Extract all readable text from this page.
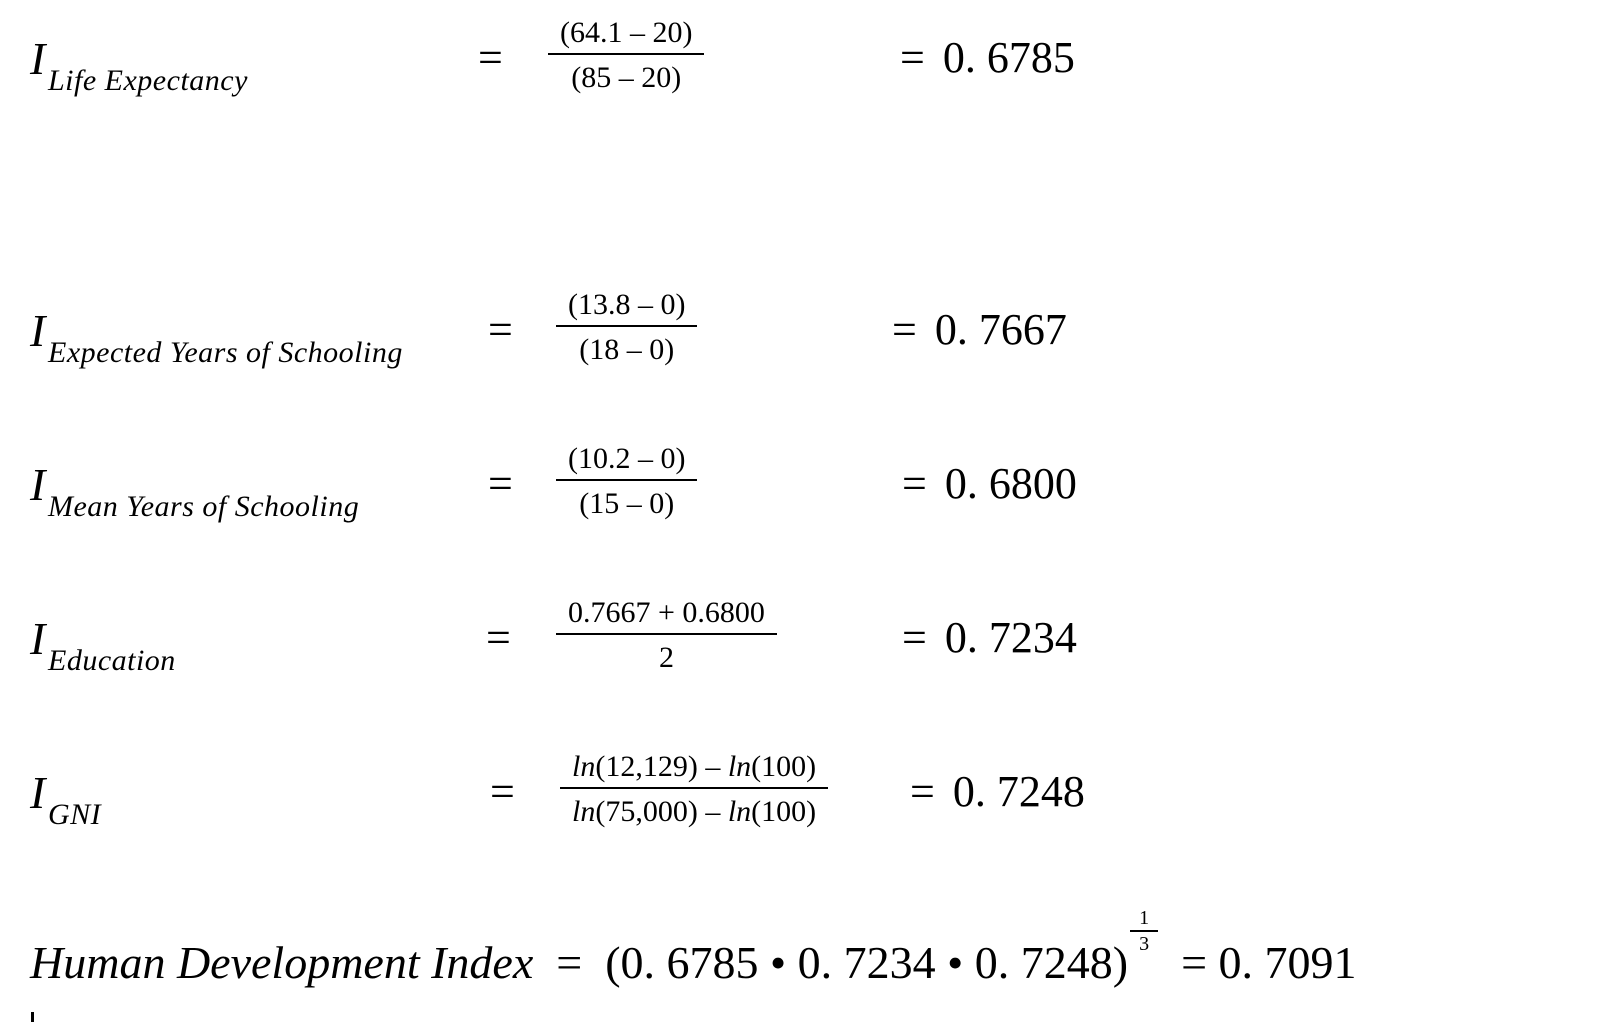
I Life Expectancy	=
(64.1 – 20)
(85 – 20)	= 0. 6785
I Expected Years of Schooling =
(13.8 – 0)
(18 – 0)	= 0. 7667
I Mean Years of Schooling	=
(10.2 – 0)
(15 – 0)	= 0. 6800
I Education	=
0.7667 + 0.6800
2	= 0. 7234
I GNI	=
ln(12,129) – ln(100)
ln(75,000) – ln(100) = 0. 7248
Human Development Index = (0. 6785 • 0. 7234 • 0. 7248)
$\frac{1}{3}$
= 0. 7091
